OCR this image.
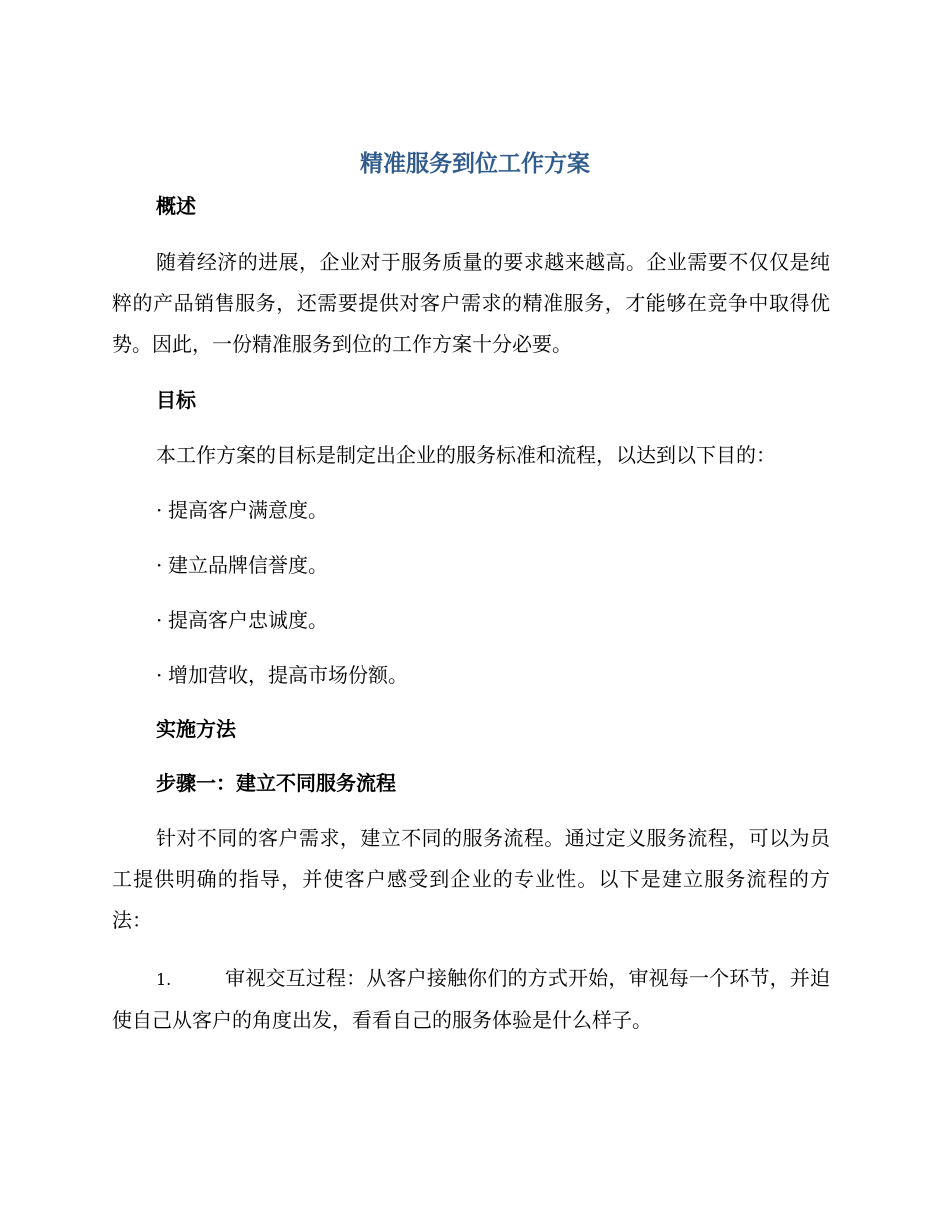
精准服务到位工作方案
概述
随着经济的进展，企业对于服务质量的要求越来越高。企业需要不仅仅是纯粹的产品销售服务，还需要提供对客户需求的精准服务，才能够在竞争中取得优势。因此，一份精准服务到位的工作方案十分必要。
目标
本工作方案的目标是制定出企业的服务标准和流程，以达到以下目的：
· 提高客户满意度。
· 建立品牌信誉度。
· 提高客户忠诚度。
· 增加营收，提高市场份额。
实施方法
步骤一：建立不同服务流程
针对不同的客户需求，建立不同的服务流程。通过定义服务流程，可以为员工提供明确的指导，并使客户感受到企业的专业性。以下是建立服务流程的方法：
1.	审视交互过程：从客户接触你们的方式开始，审视每一个环节，并迫使自己从客户的角度出发，看看自己的服务体验是什么样子。
